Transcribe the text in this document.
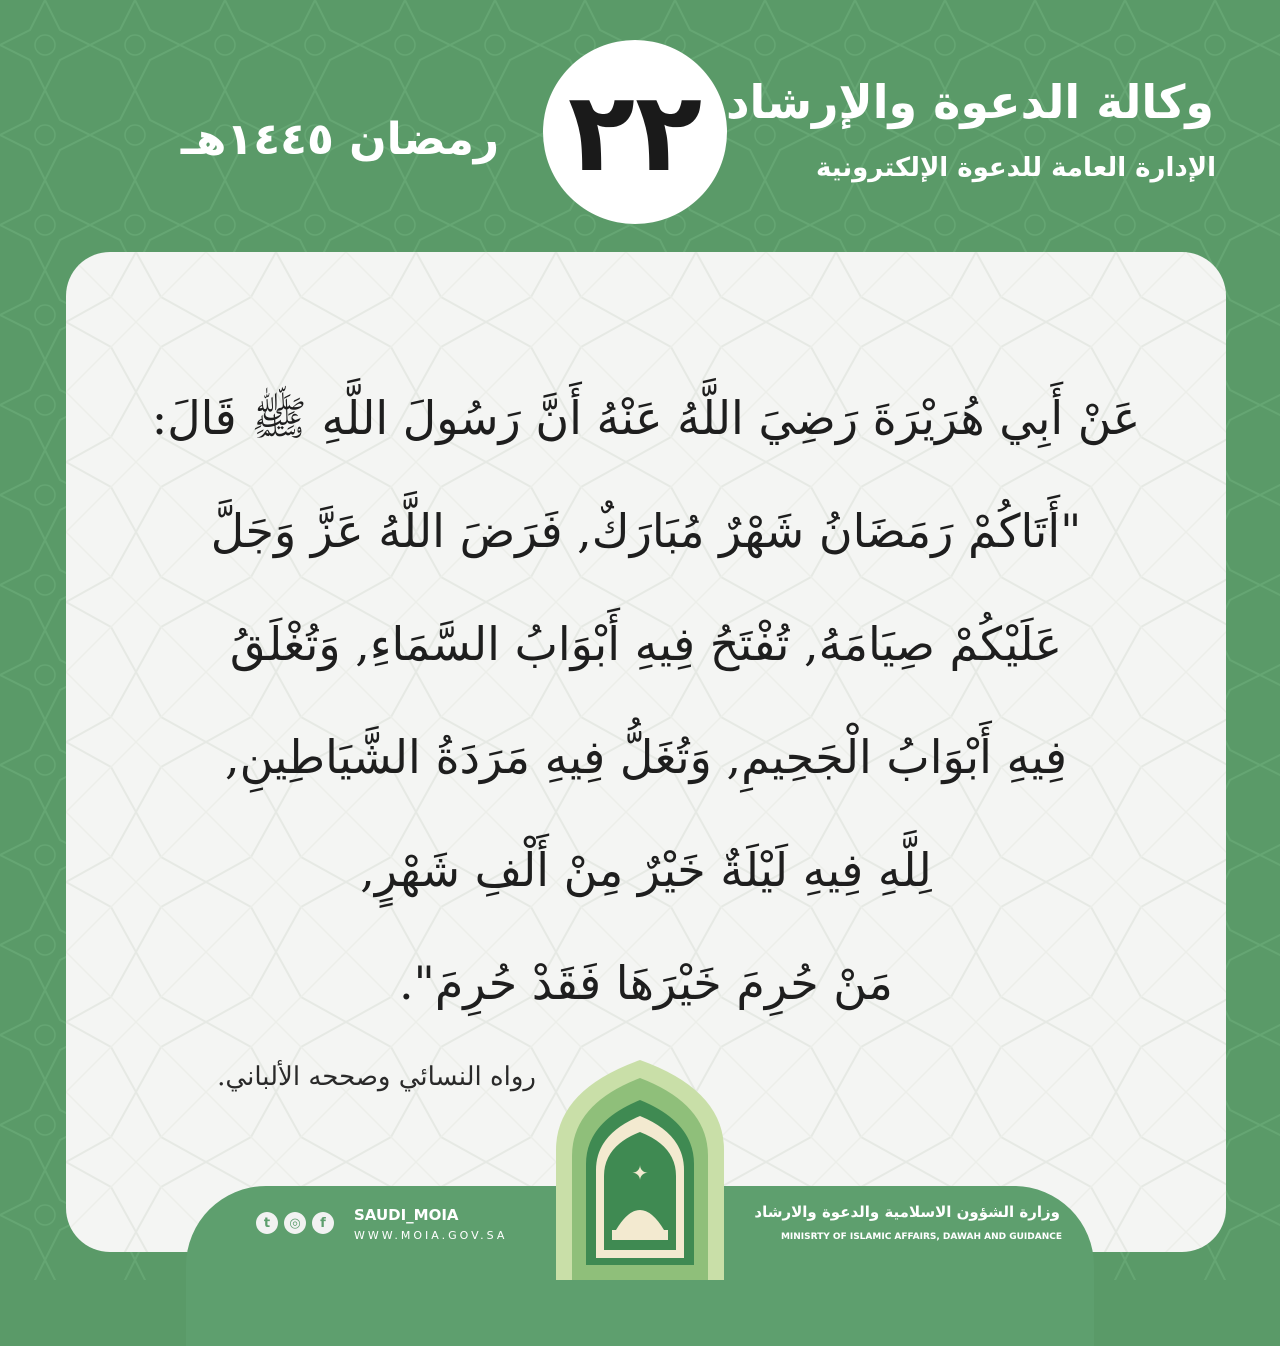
وكالة الدعوة والإرشاد
الإدارة العامة للدعوة الإلكترونية
٢٢
رمضان ١٤٤٥هـ
عَنْ أَبِي هُرَيْرَةَ رَضِيَ اللَّهُ عَنْهُ أَنَّ رَسُولَ اللَّهِ ﷺ قَالَ:
"أَتَاكُمْ رَمَضَانُ شَهْرٌ مُبَارَكٌ, فَرَضَ اللَّهُ عَزَّ وَجَلَّ
عَلَيْكُمْ صِيَامَهُ, تُفْتَحُ فِيهِ أَبْوَابُ السَّمَاءِ, وَتُغْلَقُ
فِيهِ أَبْوَابُ الْجَحِيمِ, وَتُغَلُّ فِيهِ مَرَدَةُ الشَّيَاطِينِ,
لِلَّهِ فِيهِ لَيْلَةٌ خَيْرٌ مِنْ أَلْفِ شَهْرٍ,
مَنْ حُرِمَ خَيْرَهَا فَقَدْ حُرِمَ".
رواه النسائي وصححه الألباني.
✦
t	◎	f	SAUDI_MOIA
WWW.MOIA.GOV.SA
وزارة الشؤون الاسلامية والدعوة والارشاد
MINISRTY OF ISLAMIC AFFAIRS, DAWAH AND GUIDANCE
